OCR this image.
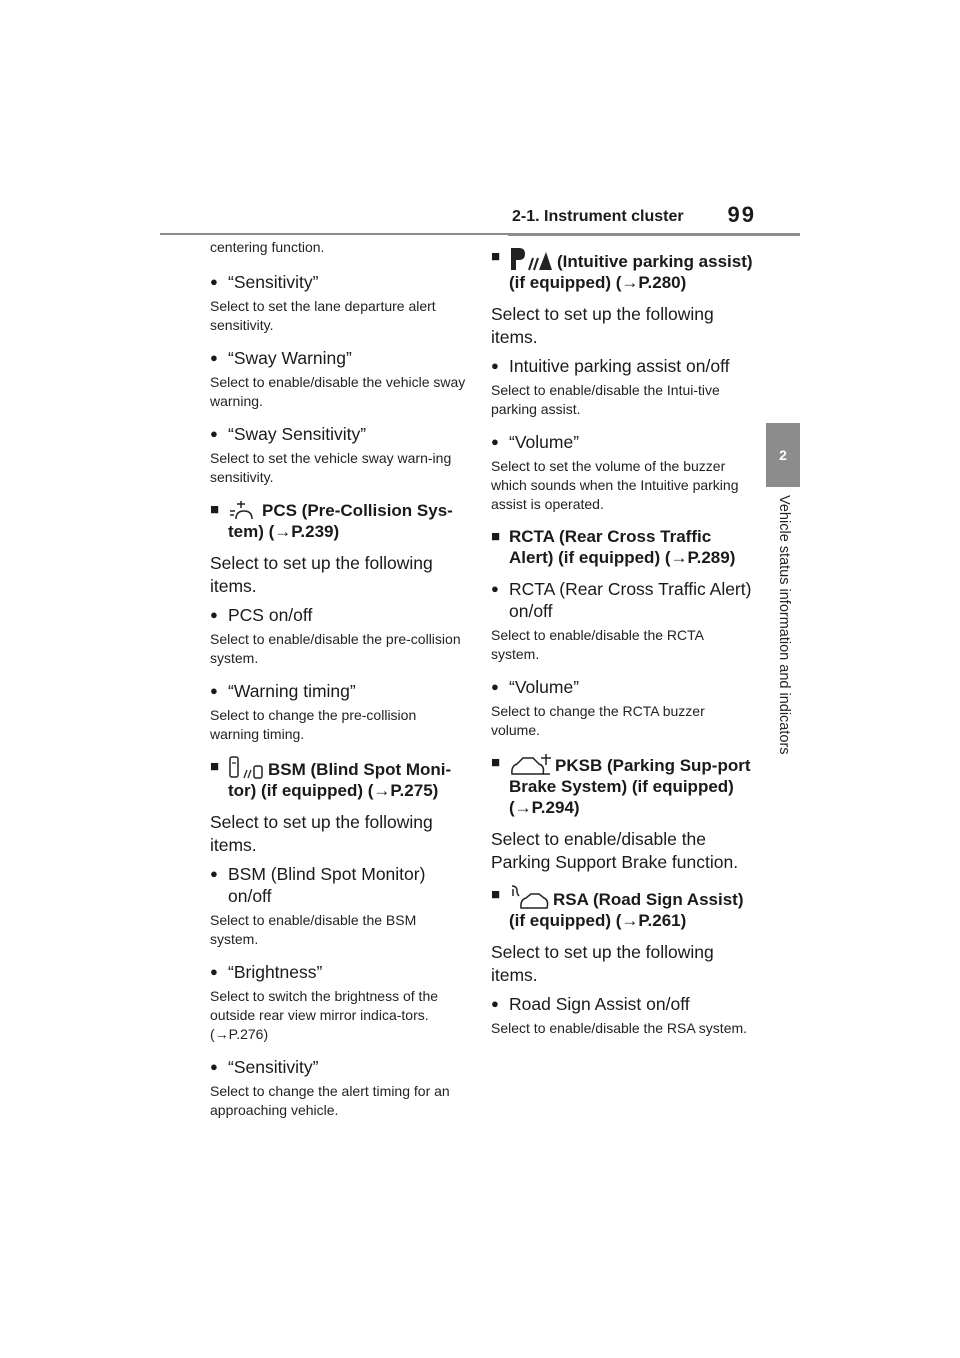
2-1. Instrument cluster 99
2
Vehicle status information and indicators

centering function.

● “Sensitivity”

Select to set the lane departure alert sensitivity.

● “Sway Warning”

Select to enable/disable the vehicle sway warning.

● “Sway Sensitivity”

Select to set the vehicle sway warn-ing sensitivity.

■	PCS (Pre-Collision Sys-tem) (→P.239)

Select to set up the following items.

● PCS on/off

Select to enable/disable the pre-collision system.

● “Warning timing”

Select to change the pre-collision warning timing.

■	BSM (Blind Spot Moni-tor) (if equipped) (→P.275)

Select to set up the following items.

● BSM (Blind Spot Monitor) on/off

Select to enable/disable the BSM system.

● “Brightness”

Select to switch the brightness of the outside rear view mirror indica-tors. (→P.276)

● “Sensitivity”

Select to change the alert timing for an approaching vehicle.

■	(Intuitive parking assist) (if equipped) (→P.280)

Select to set up the following items.

● Intuitive parking assist on/off

Select to enable/disable the Intui-tive parking assist.

● “Volume”

Select to set the volume of the buzzer which sounds when the Intuitive parking assist is operated.

■ RCTA (Rear Cross Traffic Alert) (if equipped) (→P.289)
● RCTA (Rear Cross Traffic Alert) on/off

Select to enable/disable the RCTA system.

● “Volume”

Select to change the RCTA buzzer volume.

■	PKSB (Parking Sup-port Brake System) (if equipped) (→P.294)

Select to enable/disable the Parking Support Brake function.

■	RSA (Road Sign Assist) (if equipped) (→P.261)

Select to set up the following items.

● Road Sign Assist on/off

Select to enable/disable the RSA system.
